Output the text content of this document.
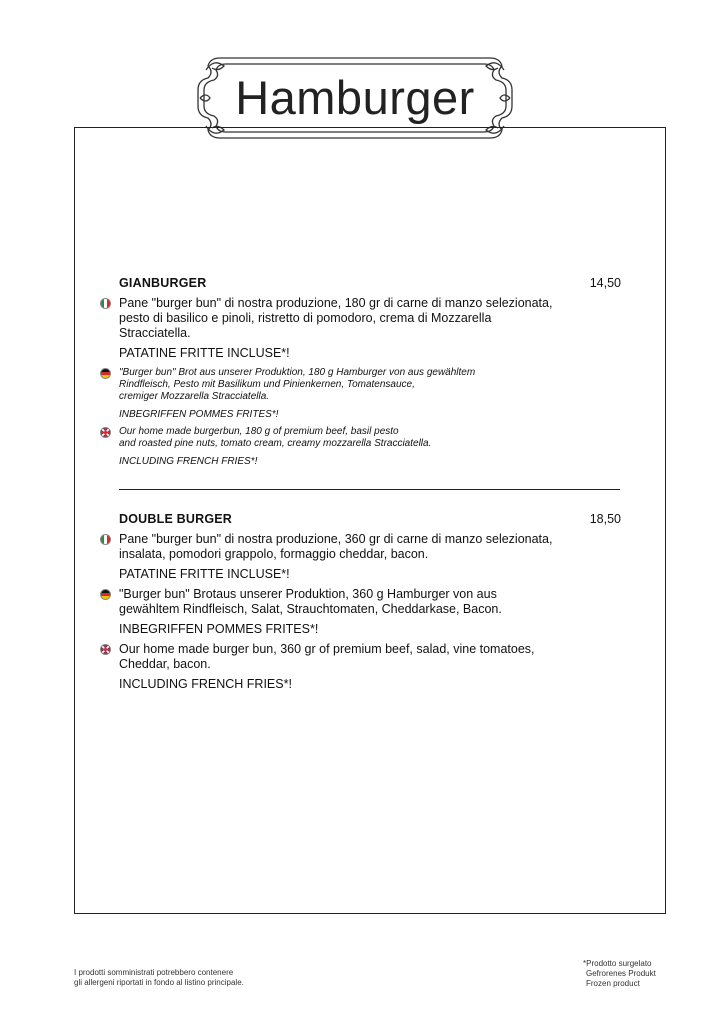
Hamburger
GIANBURGER	14,50
Pane "burger bun" di nostra produzione, 180 gr di carne di manzo selezionata,
pesto di basilico e pinoli, ristretto di pomodoro, crema di Mozzarella
Stracciatella.
PATATINE FRITTE INCLUSE*!
"Burger bun" Brot aus unserer Produktion, 180 g Hamburger von aus gewähltem
Rindfleisch, Pesto mit Basilikum und Pinienkernen, Tomatensauce,
cremiger Mozzarella Stracciatella.
INBEGRIFFEN POMMES FRITES*!
Our home made burgerbun, 180 g of premium beef, basil pesto
and roasted pine nuts, tomato cream, creamy mozzarella Stracciatella.
INCLUDING FRENCH FRIES*!
DOUBLE BURGER	18,50
Pane "burger bun" di nostra produzione, 360 gr di carne di manzo selezionata,
insalata, pomodori grappolo, formaggio cheddar, bacon.
PATATINE FRITTE INCLUSE*!
"Burger bun" Brotaus unserer Produktion, 360 g Hamburger von aus
gewähltem Rindfleisch, Salat, Strauchtomaten, Cheddarkase, Bacon.
INBEGRIFFEN POMMES FRITES*!
Our home made burger bun, 360 gr of premium beef, salad, vine tomatoes,
Cheddar, bacon.
INCLUDING FRENCH FRIES*!
I prodotti somministrati potrebbero contenere
gli allergeni riportati in fondo al listino principale.
*Prodotto surgelato
Gefrorenes Produkt
Frozen product
